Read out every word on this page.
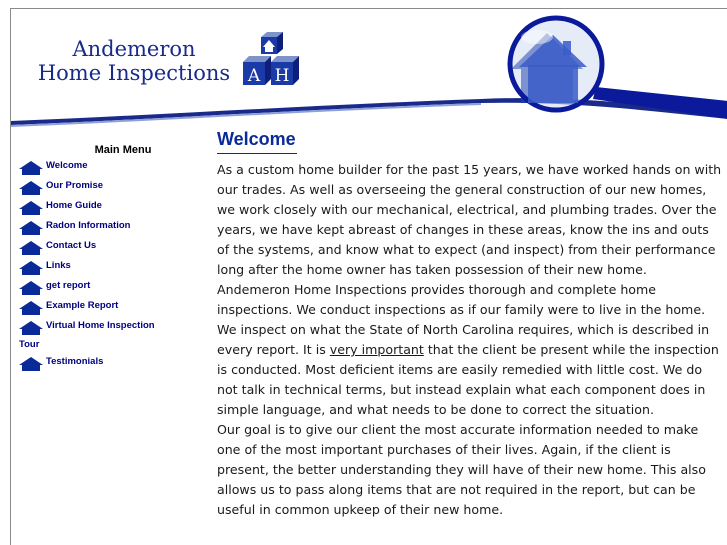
Andemeron
Home Inspections	A H
Main Menu
Welcome
Our Promise
Home Guide
Radon Information
Contact Us
Links
get report
Example Report
Virtual Home Inspection
Tour
Testimonials
Welcome

As a custom home builder for the past 15 years, we have worked hands on with our trades. As well as overseeing the general construction of our new homes, we work closely with our mechanical, electrical, and plumbing trades. Over the years, we have kept abreast of changes in these areas, know the ins and outs of the systems, and know what to expect (and inspect) from their performance long after the home owner has taken possession of their new home.

Andemeron Home Inspections provides thorough and complete home inspections. We conduct inspections as if our family were to live in the home. We inspect on what the State of North Carolina requires, which is described in every report. It is very important that the client be present while the inspection is conducted. Most deficient items are easily remedied with little cost. We do not talk in technical terms, but instead explain what each component does in simple language, and what needs to be done to correct the situation.

Our goal is to give our client the most accurate information needed to make one of the most important purchases of their lives. Again, if the client is present, the better understanding they will have of their new home. This also allows us to pass along items that are not required in the report, but can be useful in common upkeep of their new home.
